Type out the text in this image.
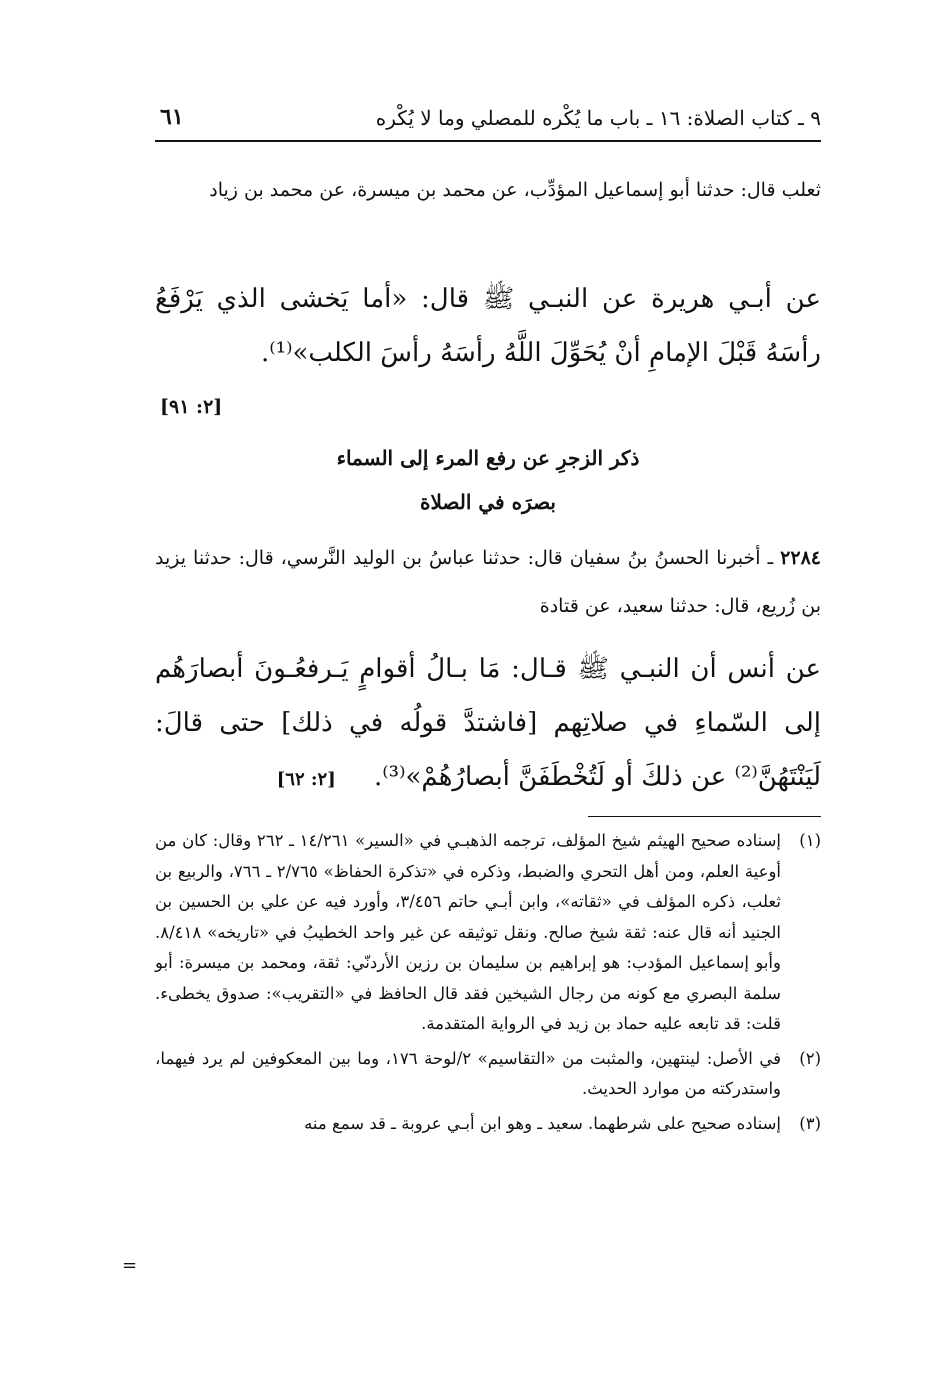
٩ ـ كتاب الصلاة: ١٦ ـ باب ما يُكْره للمصلي وما لا يُكْره
٦١
ثعلب قال: حدثنا أبو إسماعيل المؤدِّب، عن محمد بن ميسرة، عن محمد بن زياد
عن أبـي هريرة عن النبـي ﷺ قال: «أما يَخشى الذي يَرْفَعُ رأسَهُ قَبْلَ الإمامِ أنْ يُحَوِّلَ اللَّهُ رأسَهُ رأسَ الكلب»⁽¹⁾.
[٢: ٩١]
ذكر الزجرِ عن رفع المرء إلى السماء
بصرَه في الصلاة
٢٢٨٤ ـ أخبرنا الحسنُ بنُ سفيان قال: حدثنا عباسُ بن الوليد النَّرسي، قال: حدثنا يزيد بن زُريع، قال: حدثنا سعيد، عن قتادة
عن أنس أن النبـي ﷺ قـال: مَا بـالُ أقوامٍ يَـرفعُـونَ أبصارَهُم إلى السّماءِ في صلاتِهم [فاشتدَّ قولُه في ذلك] حتى قالَ: لَيَنْتَهُنَّ⁽²⁾ عن ذلكَ أو لَتُخْطَفَنَّ أبصارُهُمْ»⁽³⁾. [٢: ٦٢]
(١)
إسناده صحيح الهيثم شيخ المؤلف، ترجمه الذهبـي في «السير» ١٤/٢٦١ ـ ٢٦٢ وقال: كان من أوعية العلم، ومن أهل التحري والضبط، وذكره في «تذكرة الحفاظ» ٢/٧٦٥ ـ ٧٦٦، والربيع بن ثعلب، ذكره المؤلف في «ثقاته»، وابن أبـي حاتم ٣/٤٥٦، وأورد فيه عن علي بن الحسين بن الجنيد أنه قال عنه: ثقة شيخ صالح. ونقل توثيقه عن غير واحد الخطيبُ في «تاريخه» ٨/٤١٨. وأبو إسماعيل المؤدب: هو إبراهيم بن سليمان بن رزين الأردنّي: ثقة، ومحمد بن ميسرة: أبو سلمة البصري مع كونه من رجال الشيخين فقد قال الحافظ في «التقريب»: صدوق يخطىء. قلت: قد تابعه عليه حماد بن زيد في الرواية المتقدمة.
(٢)
في الأصل: لينتهين، والمثبت من «التقاسيم» ٢/لوحة ١٧٦، وما بين المعكوفين لم يرد فيهما، واستدركته من موارد الحديث.
(٣)
إسناده صحيح على شرطهما. سعيد ـ وهو ابن أبـي عروبة ـ قد سمع منه
=
